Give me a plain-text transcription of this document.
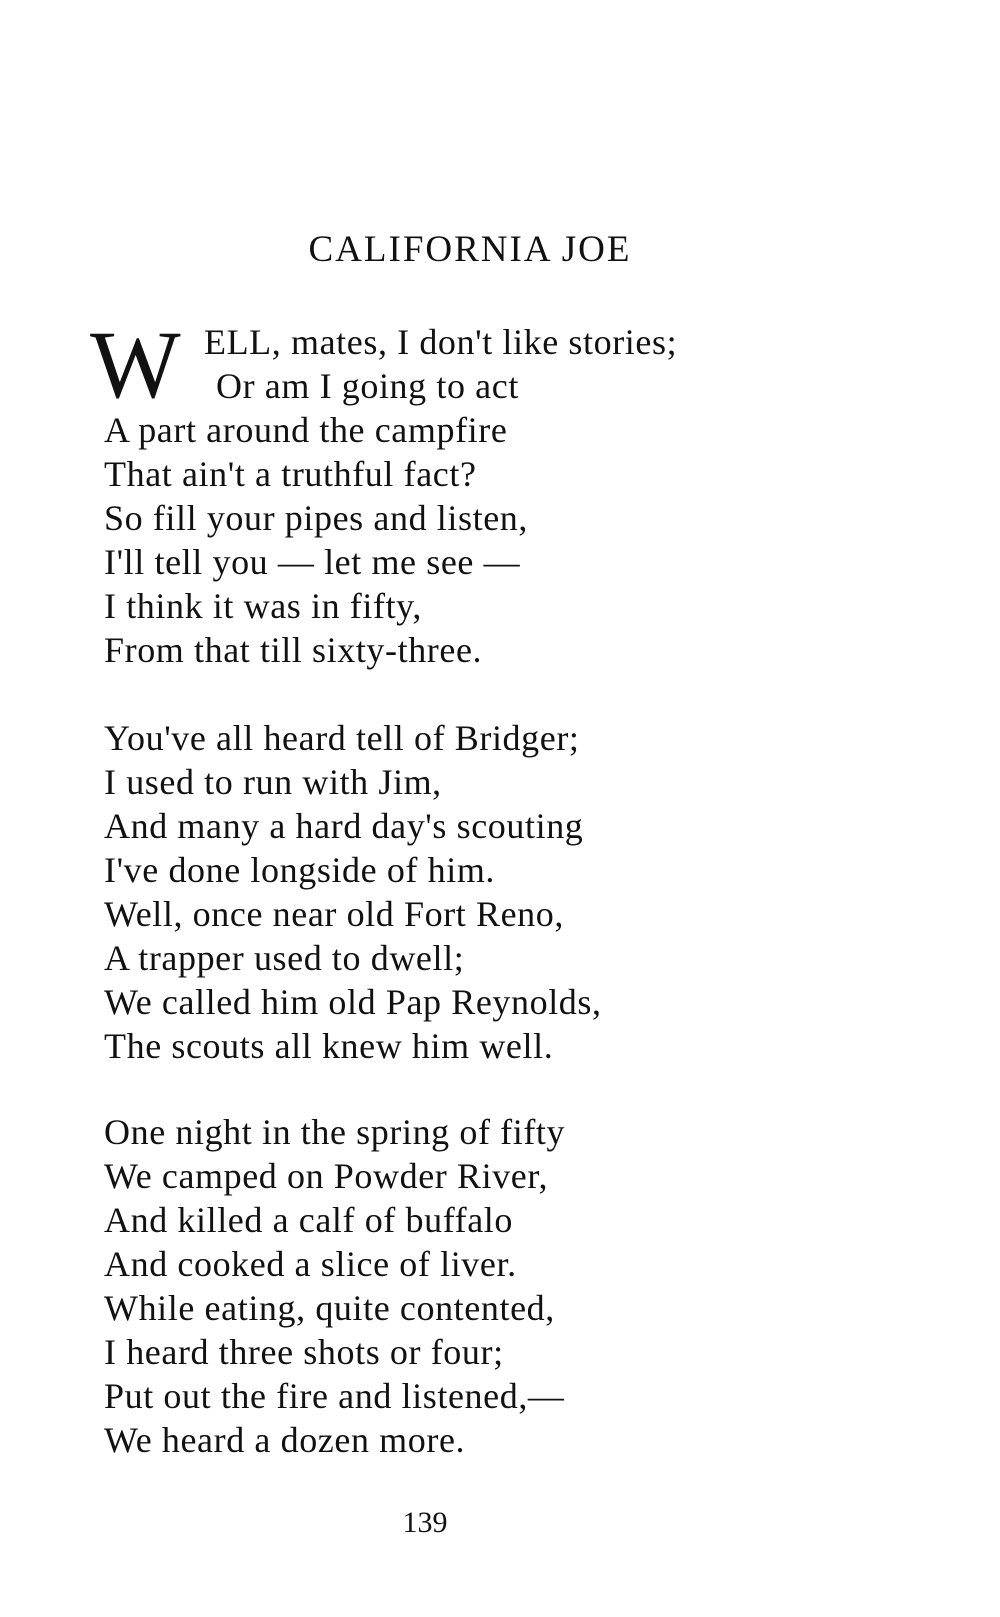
CALIFORNIA JOE
W ELL, mates, I don't like stories;
Or am I going to act
A part around the campfire
That ain't a truthful fact?
So fill your pipes and listen,
I'll tell you — let me see —
I think it was in fifty,
From that till sixty-three.
You've all heard tell of Bridger;
I used to run with Jim,
And many a hard day's scouting
I've done longside of him.
Well, once near old Fort Reno,
A trapper used to dwell;
We called him old Pap Reynolds,
The scouts all knew him well.
One night in the spring of fifty
We camped on Powder River,
And killed a calf of buffalo
And cooked a slice of liver.
While eating, quite contented,
I heard three shots or four;
Put out the fire and listened,—
We heard a dozen more.
139
